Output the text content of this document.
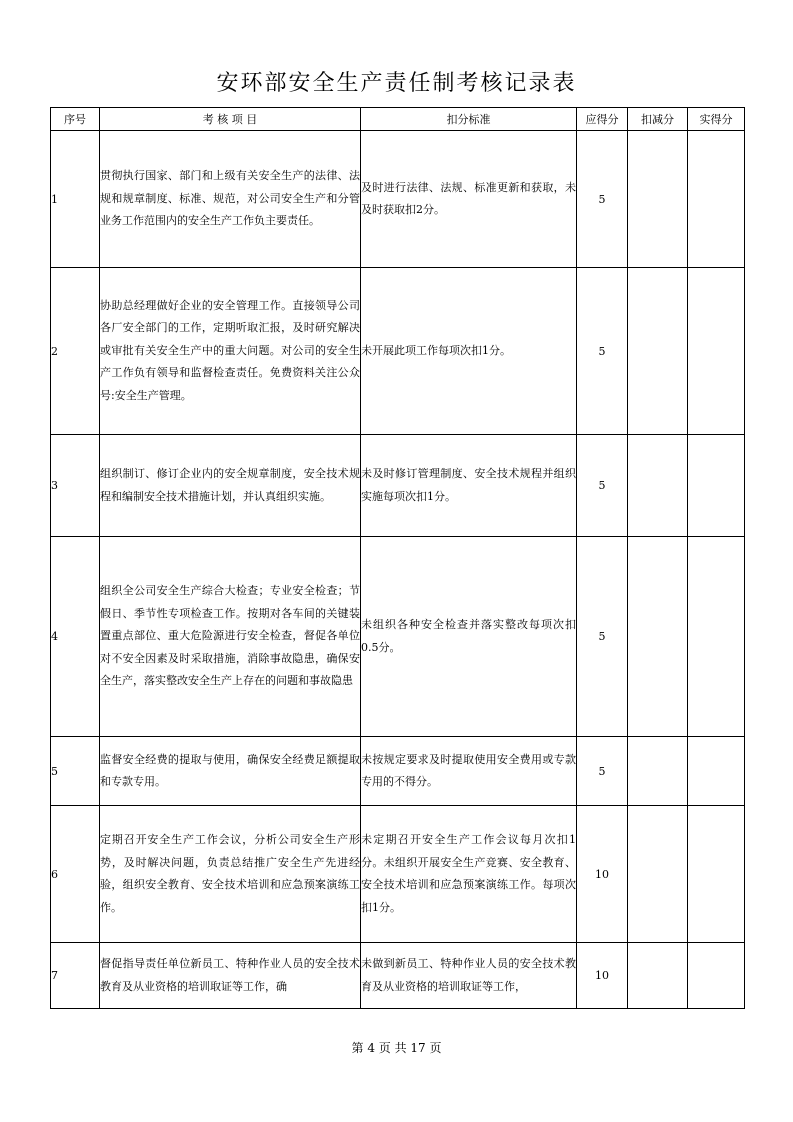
安环部安全生产责任制考核记录表
序号	考 核 项 目	扣分标准	应得分	扣减分	实得分
1	贯彻执行国家、部门和上级有关安全生产的法律、法规和规章制度、标准、规范，对公司安全生产和分管业务工作范围内的安全生产工作负主要责任。	及时进行法律、法规、标准更新和获取，未及时获取扣2分。	5		
2	协助总经理做好企业的安全管理工作。直接领导公司各厂安全部门的工作，定期听取汇报，及时研究解决或审批有关安全生产中的重大问题。对公司的安全生产工作负有领导和监督检查责任。免费资料关注公众号:安全生产管理。	未开展此项工作每项次扣1分。	5		
3	组织制订、修订企业内的安全规章制度，安全技术规程和编制安全技术措施计划，并认真组织实施。	未及时修订管理制度、安全技术规程并组织实施每项次扣1分。	5		
4	组织全公司安全生产综合大检查；专业安全检查；节假日、季节性专项检查工作。按期对各车间的关键装置重点部位、重大危险源进行安全检查，督促各单位对不安全因素及时采取措施，消除事故隐患，确保安全生产，落实整改安全生产上存在的问题和事故隐患	未组织各种安全检查并落实整改每项次扣0.5分。	5		
5	监督安全经费的提取与使用，确保安全经费足额提取和专款专用。	未按规定要求及时提取使用安全费用或专款专用的不得分。	5		
6	定期召开安全生产工作会议，分析公司安全生产形势，及时解决问题，负责总结推广安全生产先进经验，组织安全教育、安全技术培训和应急预案演练工作。	未定期召开安全生产工作会议每月次扣1分。未组织开展安全生产竞赛、安全教育、安全技术培训和应急预案演练工作。每项次扣1分。	10		
7	督促指导责任单位新员工、特种作业人员的安全技术教育及从业资格的培训取证等工作，确	未做到新员工、特种作业人员的安全技术教育及从业资格的培训取证等工作，	10		
第 4 页 共 17 页
